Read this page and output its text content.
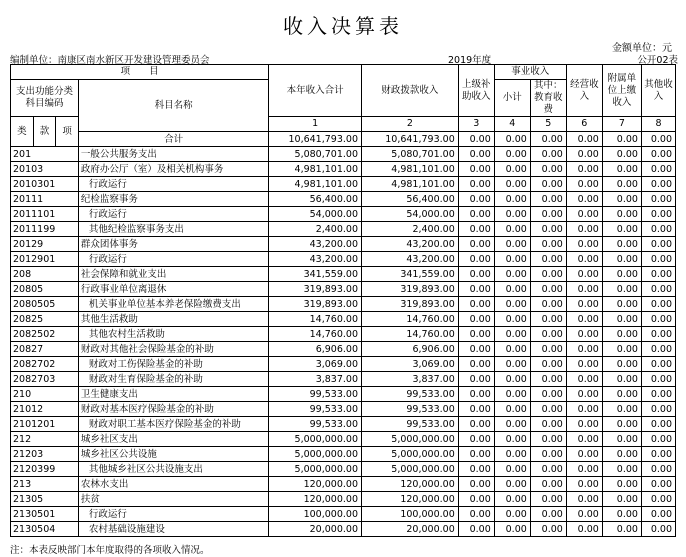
收入决算表
金额单位：元
编制单位：南康区南水新区开发建设管理委员会	2019年度	公开02表
项　　目				本年收入合计	财政拨款收入	上级补助收入	事业收入		经营收入	附属单位上缴收入	其他收入
支出功能分类科目编码			科目名称				小计	其中：教育收费			

类	款	项		1	2	3	4	5	6	7	8
			合计	10,641,793.00	10,641,793.00	0.00	0.00	0.00	0.00	0.00	0.00
201			一般公共服务支出	5,080,701.00	5,080,701.00	0.00	0.00	0.00	0.00	0.00	0.00
20103			政府办公厅（室）及相关机构事务	4,981,101.00	4,981,101.00	0.00	0.00	0.00	0.00	0.00	0.00
2010301			行政运行	4,981,101.00	4,981,101.00	0.00	0.00	0.00	0.00	0.00	0.00
20111			纪检监察事务	56,400.00	56,400.00	0.00	0.00	0.00	0.00	0.00	0.00
2011101			行政运行	54,000.00	54,000.00	0.00	0.00	0.00	0.00	0.00	0.00
2011199			其他纪检监察事务支出	2,400.00	2,400.00	0.00	0.00	0.00	0.00	0.00	0.00
20129			群众团体事务	43,200.00	43,200.00	0.00	0.00	0.00	0.00	0.00	0.00
2012901			行政运行	43,200.00	43,200.00	0.00	0.00	0.00	0.00	0.00	0.00
208			社会保障和就业支出	341,559.00	341,559.00	0.00	0.00	0.00	0.00	0.00	0.00
20805			行政事业单位离退休	319,893.00	319,893.00	0.00	0.00	0.00	0.00	0.00	0.00
2080505			机关事业单位基本养老保险缴费支出	319,893.00	319,893.00	0.00	0.00	0.00	0.00	0.00	0.00
20825			其他生活救助	14,760.00	14,760.00	0.00	0.00	0.00	0.00	0.00	0.00
2082502			其他农村生活救助	14,760.00	14,760.00	0.00	0.00	0.00	0.00	0.00	0.00
20827			财政对其他社会保险基金的补助	6,906.00	6,906.00	0.00	0.00	0.00	0.00	0.00	0.00
2082702			财政对工伤保险基金的补助	3,069.00	3,069.00	0.00	0.00	0.00	0.00	0.00	0.00
2082703			财政对生育保险基金的补助	3,837.00	3,837.00	0.00	0.00	0.00	0.00	0.00	0.00
210			卫生健康支出	99,533.00	99,533.00	0.00	0.00	0.00	0.00	0.00	0.00
21012			财政对基本医疗保险基金的补助	99,533.00	99,533.00	0.00	0.00	0.00	0.00	0.00	0.00
2101201			财政对职工基本医疗保险基金的补助	99,533.00	99,533.00	0.00	0.00	0.00	0.00	0.00	0.00
212			城乡社区支出	5,000,000.00	5,000,000.00	0.00	0.00	0.00	0.00	0.00	0.00
21203			城乡社区公共设施	5,000,000.00	5,000,000.00	0.00	0.00	0.00	0.00	0.00	0.00
2120399			其他城乡社区公共设施支出	5,000,000.00	5,000,000.00	0.00	0.00	0.00	0.00	0.00	0.00
213			农林水支出	120,000.00	120,000.00	0.00	0.00	0.00	0.00	0.00	0.00
21305			扶贫	120,000.00	120,000.00	0.00	0.00	0.00	0.00	0.00	0.00
2130501			行政运行	100,000.00	100,000.00	0.00	0.00	0.00	0.00	0.00	0.00
2130504			农村基础设施建设	20,000.00	20,000.00	0.00	0.00	0.00	0.00	0.00	0.00
注：本表反映部门本年度取得的各项收入情况。
